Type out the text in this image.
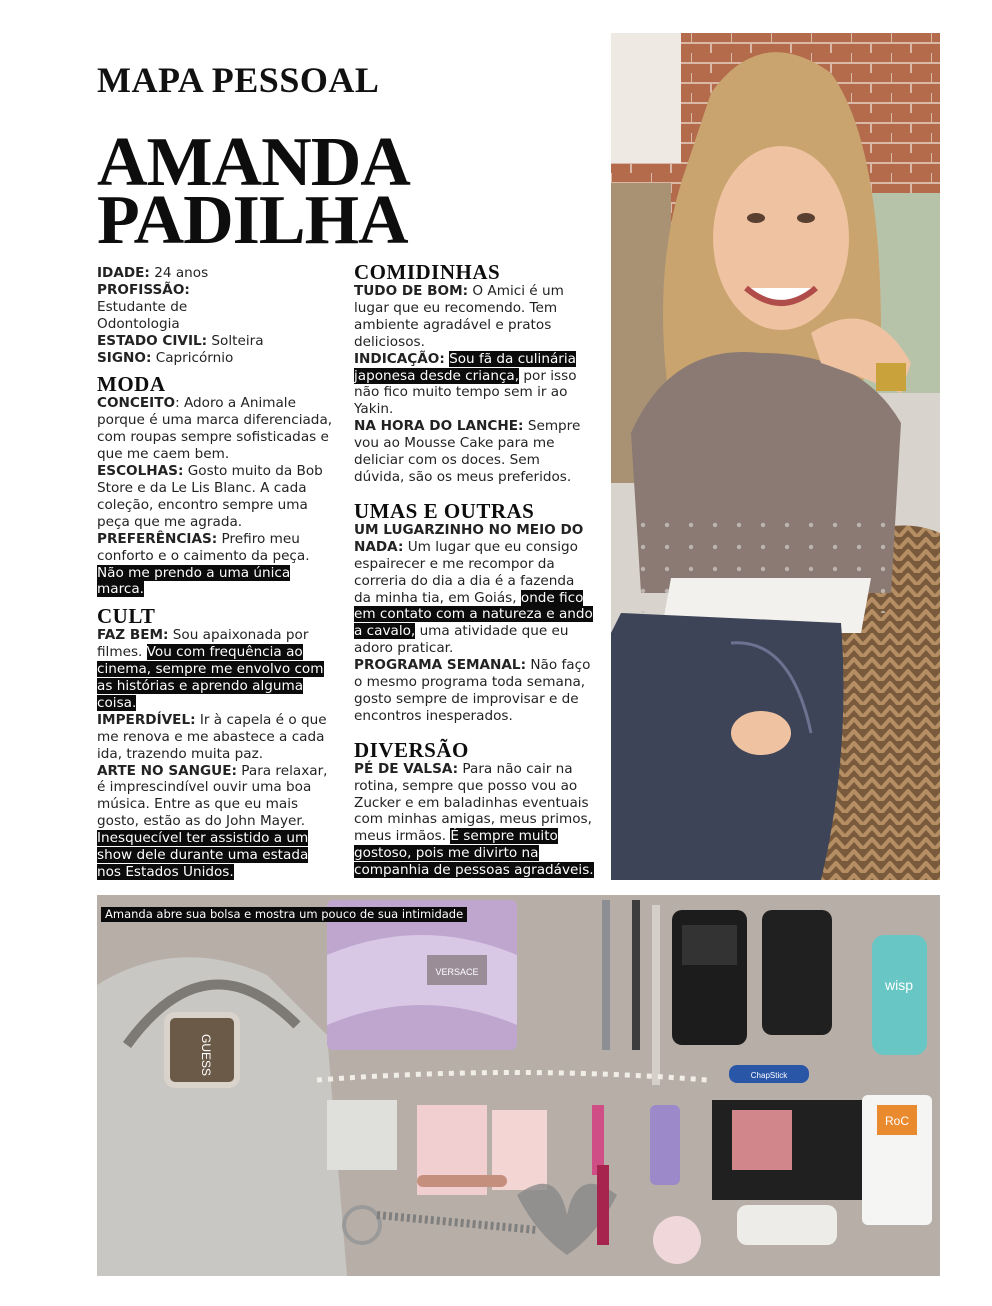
MAPA PESSOAL
AMANDA
PADILHA

IDADE: 24 anos

PROFISSÃO: Estudante de Odontologia

ESTADO CIVIL: Solteira

SIGNO: Capricórnio

MODA

CONCEITO: Adoro a Animale porque é uma marca diferenciada, com roupas sempre sofisticadas e que me caem bem.

ESCOLHAS: Gosto muito da Bob Store e da Le Lis Blanc. A cada coleção, encontro sempre uma peça que me agrada.

PREFERÊNCIAS: Prefiro meu conforto e o caimento da peça. Não me prendo a uma única marca.

CULT

FAZ BEM: Sou apaixonada por filmes. Vou com frequência ao cinema, sempre me envolvo com as histórias e aprendo alguma coisa.

IMPERDÍVEL: Ir à capela é o que me renova e me abastece a cada ida, trazendo muita paz.

ARTE NO SANGUE: Para relaxar, é imprescindível ouvir uma boa música. Entre as que eu mais gosto, estão as do John Mayer. Inesquecível ter assistido a um show dele durante uma estada nos Estados Unidos.

COMIDINHAS

TUDO DE BOM: O Amici é um lugar que eu recomendo. Tem ambiente agradável e pratos deliciosos.

INDICAÇÃO: Sou fã da culinária japonesa desde criança, por isso não fico muito tempo sem ir ao Yakin.

NA HORA DO LANCHE: Sempre vou ao Mousse Cake para me deliciar com os doces. Sem dúvida, são os meus preferidos.

UMAS E OUTRAS

UM LUGARZINHO NO MEIO DO NADA: Um lugar que eu consigo espairecer e me recompor da correria do dia a dia é a fazenda da minha tia, em Goiás, onde fico em contato com a natureza e ando a cavalo, uma atividade que eu adoro praticar.

PROGRAMA SEMANAL: Não faço o mesmo programa toda semana, gosto sempre de improvisar e de encontros inesperados.

DIVERSÃO

PÉ DE VALSA: Para não cair na rotina, sempre que posso vou ao Zucker e em baladinhas eventuais com minhas amigas, meus primos, meus irmãos. É sempre muito gostoso, pois me divirto na companhia de pessoas agradáveis.

GUESS
VERSACE
wisp
ChapStick
RoC
Amanda abre sua bolsa e mostra um pouco de sua intimidade
